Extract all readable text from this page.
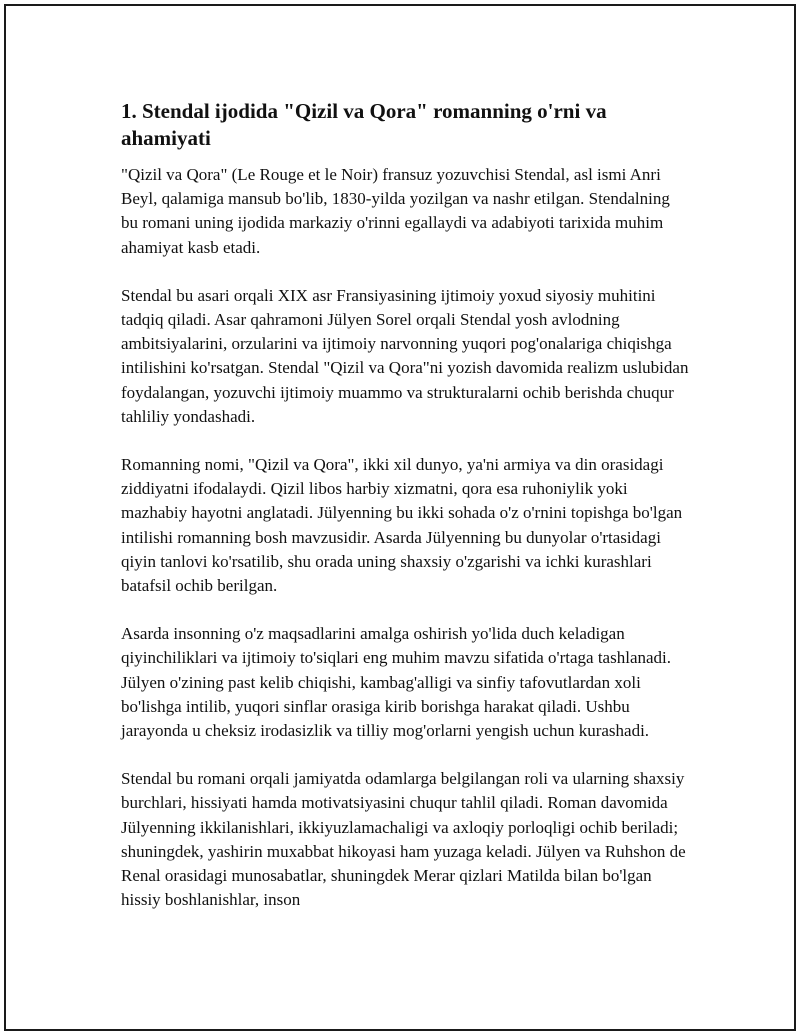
1. Stendal ijodida "Qizil va Qora" romanning o'rni va ahamiyati

"Qizil va Qora" (Le Rouge et le Noir) fransuz yozuvchisi Stendal, asl ismi Anri Beyl, qalamiga mansub bo'lib, 1830-yilda yozilgan va nashr etilgan. Stendalning bu romani uning ijodida markaziy o'rinni egallaydi va adabiyoti tarixida muhim ahamiyat kasb etadi.

Stendal bu asari orqali XIX asr Fransiyasining ijtimoiy yoxud siyosiy muhitini tadqiq qiladi. Asar qahramoni Jülyen Sorel orqali Stendal yosh avlodning ambitsiyalarini, orzularini va ijtimoiy narvonning yuqori pog'onalariga chiqishga intilishini ko'rsatgan. Stendal "Qizil va Qora"ni yozish davomida realizm uslubidan foydalangan, yozuvchi ijtimoiy muammo va strukturalarni ochib berishda chuqur tahliliy yondashadi.

Romanning nomi, "Qizil va Qora", ikki xil dunyo, ya'ni armiya va din orasidagi ziddiyatni ifodalaydi. Qizil libos harbiy xizmatni, qora esa ruhoniylik yoki mazhabiy hayotni anglatadi. Jülyenning bu ikki sohada o'z o'rnini topishga bo'lgan intilishi romanning bosh mavzusidir. Asarda Jülyenning bu dunyolar o'rtasidagi qiyin tanlovi ko'rsatilib, shu orada uning shaxsiy o'zgarishi va ichki kurashlari batafsil ochib berilgan.

Asarda insonning o'z maqsadlarini amalga oshirish yo'lida duch keladigan qiyinchiliklari va ijtimoiy to'siqlari eng muhim mavzu sifatida o'rtaga tashlanadi. Jülyen o'zining past kelib chiqishi, kambag'alligi va sinfiy tafovutlardan xoli bo'lishga intilib, yuqori sinflar orasiga kirib borishga harakat qiladi. Ushbu jarayonda u cheksiz irodasizlik va tilliy mog'orlarni yengish uchun kurashadi.

Stendal bu romani orqali jamiyatda odamlarga belgilangan roli va ularning shaxsiy burchlari, hissiyati hamda motivatsiyasini chuqur tahlil qiladi. Roman davomida Jülyenning ikkilanishlari, ikkiyuzlamachaligi va axloqiy porloqligi ochib beriladi; shuningdek, yashirin muxabbat hikoyasi ham yuzaga keladi. Jülyen va Ruhshon de Renal orasidagi munosabatlar, shuningdek Merar qizlari Matilda bilan bo'lgan hissiy boshlanishlar, inson
